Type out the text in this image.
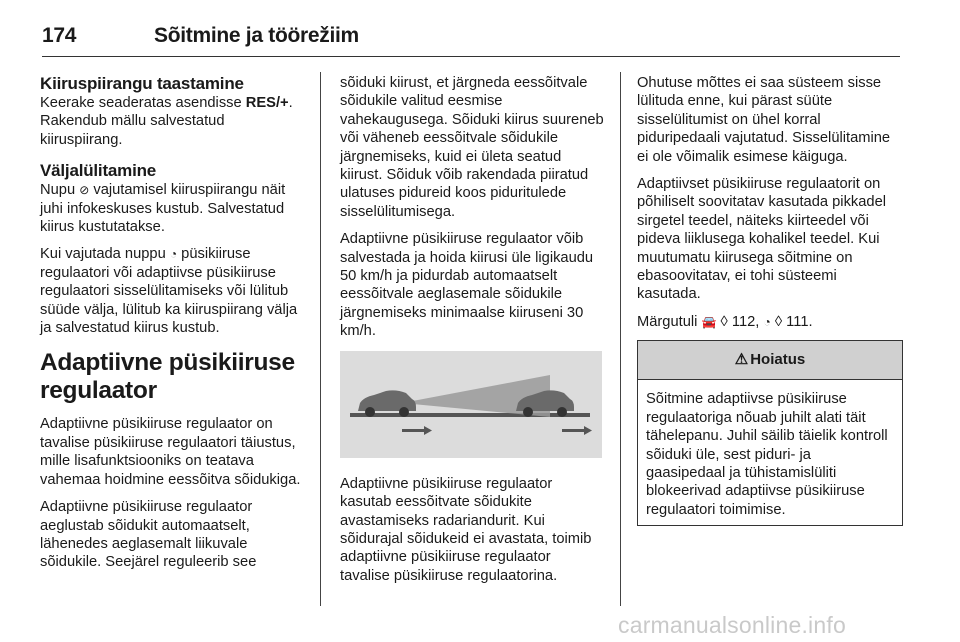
174	Sõitmine ja töörežiim
Kiiruspiirangu taastamine

Keerake seaderatas asendisse RES/+. Rakendub mällu salvestatud kiiruspiirang.

Väljalülitamine

Nupu ⊘ vajutamisel kiiruspiirangu näit juhi infokeskuses kustub. Salvestatud kiirus kustutatakse.

Kui vajutada nuppu ◔ püsikiiruse regulaatori või adaptiivse püsikiiruse regulaatori sisselülitamiseks või lülitub süüde välja, lülitub ka kiiruspiirang välja ja salvestatud kiirus kustub.

Adaptiivne püsikiiruse regulaator

Adaptiivne püsikiiruse regulaator on tavalise püsikiiruse regulaatori täiustus, mille lisafunktsiooniks on teatava vahemaa hoidmine eessõitva sõidukiga.

Adaptiivne püsikiiruse regulaator aeglustab sõidukit automaatselt, lähenedes aeglasemalt liikuvale sõidukile. Seejärel reguleerib see

sõiduki kiirust, et järgneda eessõitvale sõidukile valitud eesmise vahekaugusega. Sõiduki kiirus suureneb või väheneb eessõitvale sõidukile järgnemiseks, kuid ei ületa seatud kiirust. Sõiduk võib rakendada piiratud ulatuses pidureid koos piduritulede sisselülitumisega.

Adaptiivne püsikiiruse regulaator võib salvestada ja hoida kiirusi üle ligikaudu 50 km/h ja pidurdab automaatselt eessõitvale aeglasemale sõidukile järgnemiseks minimaalse kiiruseni 30 km/h.

Adaptiivne püsikiiruse regulaator kasutab eessõitvate sõidukite avastamiseks radariandurit. Kui sõidurajal sõidukeid ei avastata, toimib adaptiivne püsikiiruse regulaator tavalise püsikiiruse regulaatorina.

Ohutuse mõttes ei saa süsteem sisse lülituda enne, kui pärast süüte sisselülitumist on ühel korral piduripedaali vajutatud. Sisselülitamine ei ole võimalik esimese käiguga.

Adaptiivset püsikiiruse regulaatorit on põhiliselt soovitatav kasutada pikkadel sirgetel teedel, näiteks kiirteedel või pideva liiklusega kohalikel teedel. Kui muutumatu kiirusega sõitmine on ebasoovitatav, ei tohi süsteemi kasutada.

Märgutuli 🚘 ◊ 112, ◔ ◊ 111.

⚠ Hoiatus
Sõitmine adaptiivse püsikiiruse regulaatoriga nõuab juhilt alati täit tähelepanu. Juhil säilib täielik kontroll sõiduki üle, sest piduri- ja gaasipedaal ja tühistamislüliti blokeerivad adaptiivse püsikiiruse regulaatori toimimise.
carmanualsonline.info
